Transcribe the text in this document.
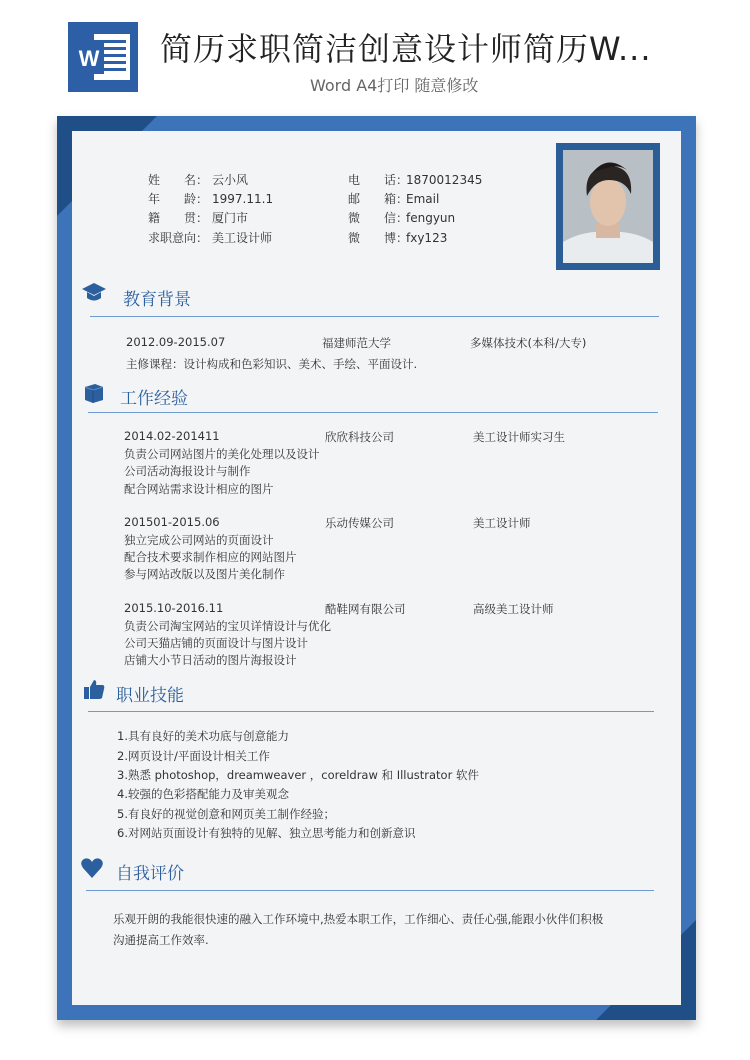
W 简历求职简洁创意设计师简历W...
Word A4打印 随意修改
姓　　名： 云小风
年　　龄： 1997.11.1
籍　　贯： 厦门市
求职意向： 美工设计师
电　　话：1870012345
邮　　箱：Email
微　　信：fengyun
微　　博：fxy123
教育背景
2012.09-2015.07	福建师范大学	多媒体技术(本科/大专)
主修课程：设计构成和色彩知识、美术、手绘、平面设计.
工作经验
2014.02-201411	欣欣科技公司	美工设计师实习生
负责公司网站图片的美化处理以及设计
公司活动海报设计与制作
配合网站需求设计相应的图片
201501-2015.06	乐动传媒公司	美工设计师
独立完成公司网站的页面设计
配合技术要求制作相应的网站图片
参与网站改版以及图片美化制作
2015.10-2016.11	酷鞋网有限公司	高级美工设计师
负责公司淘宝网站的宝贝详情设计与优化
公司天猫店铺的页面设计与图片设计
店铺大小节日活动的图片海报设计
职业技能
1.具有良好的美术功底与创意能力
2.网页设计/平面设计相关工作
3.熟悉 photoshop，dreamweaver ，coreldraw 和 Illustrator 软件
4.较强的色彩搭配能力及审美观念
5.有良好的视觉创意和网页美工制作经验；
6.对网站页面设计有独特的见解、独立思考能力和创新意识
自我评价
乐观开朗的我能很快速的融入工作环境中,热爱本职工作，工作细心、责任心强,能跟小伙伴们积极
沟通提高工作效率.
